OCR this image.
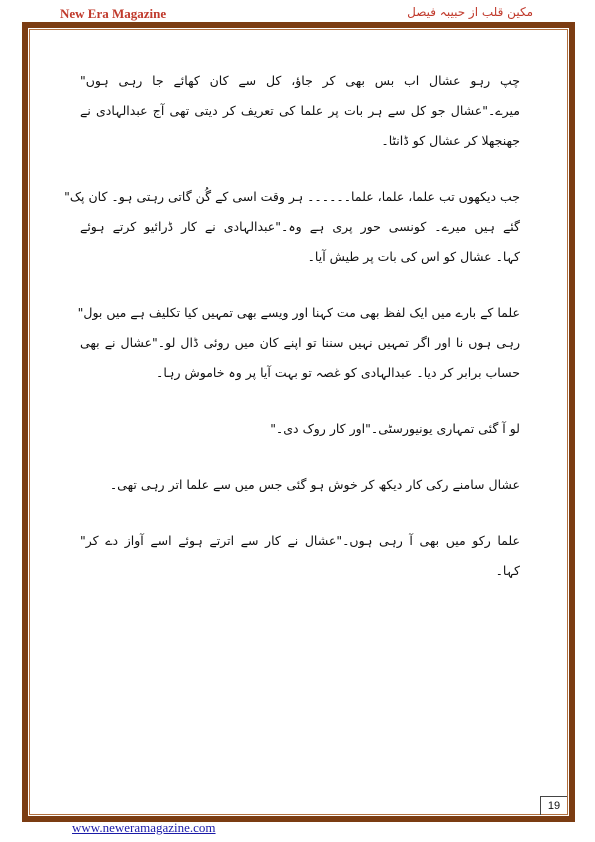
New Era Magazine	مکین قلب از حبیبہ فیصل
چپ رہو عشال اب بس بھی کر جاؤ، کل سے کان کھائے جا رہی ہوں"
میرے۔"عشال جو کل سے ہر بات پر علما کی تعریف کر دیتی تھی آج عبدالہادی نے
جھنجھلا کر عشال کو ڈانٹا۔
جب دیکھوں تب علما، علما، علما۔۔۔۔۔۔ ہر وقت اسی کے گُن گاتی رہتی ہو۔ کان پک"
گئے ہیں میرے۔ کونسی حور پری ہے وہ۔"عبدالہادی نے کار ڈرائیو کرتے ہوئے
کہا۔ عشال کو اس کی بات پر طیش آیا۔
علما کے بارے میں ایک لفظ بھی مت کہنا اور ویسے بھی تمہیں کیا تکلیف ہے میں بول"
رہی ہوں نا اور اگر تمہیں نہیں سننا تو اپنے کان میں روئی ڈال لو۔"عشال نے بھی
حساب برابر کر دیا۔ عبدالہادی کو غصہ تو بہت آیا پر وہ خاموش رہا۔
لو آ گئی تمہاری یونیورسٹی۔"اور کار روک دی۔"
عشال سامنے رکی کار دیکھ کر خوش ہو گئی جس میں سے علما اتر رہی تھی۔
علما رکو میں بھی آ رہی ہوں۔"عشال نے کار سے اترتے ہوئے اسے آواز دے کر"
کہا۔
19
www.neweramagazine.com
